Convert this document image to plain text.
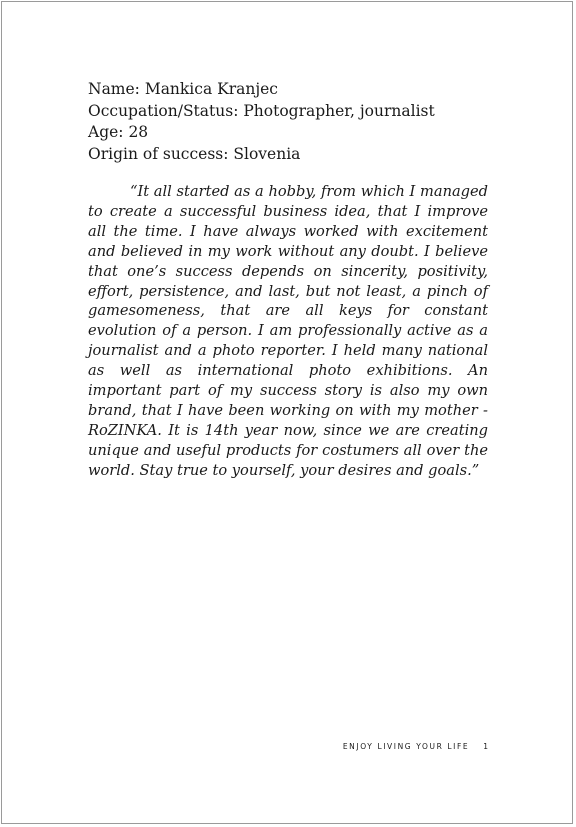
Name: Mankica Kranjec
Occupation/Status: Photographer, journalist
Age: 28
Origin of success: Slovenia

“It all started as a hobby, from which I managed to create a successful business idea, that I improve all the time. I have always worked with excitement and believed in my work without any doubt. I believe that one’s success depends on sincerity, positivity, effort, persistence, and last, but not least, a pinch of gamesomeness, that are all keys for constant evolution of a person. I am professionally active as a journalist and a photo reporter. I held many national as well as international photo exhibitions. An important part of my success story is also my own brand, that I have been working on with my mother - RoZINKA. It is 14th year now, since we are creating unique and useful products for costumers all over the world. Stay true to yourself, your desires and goals.”

ENJOY LIVING YOUR LIFE 1
